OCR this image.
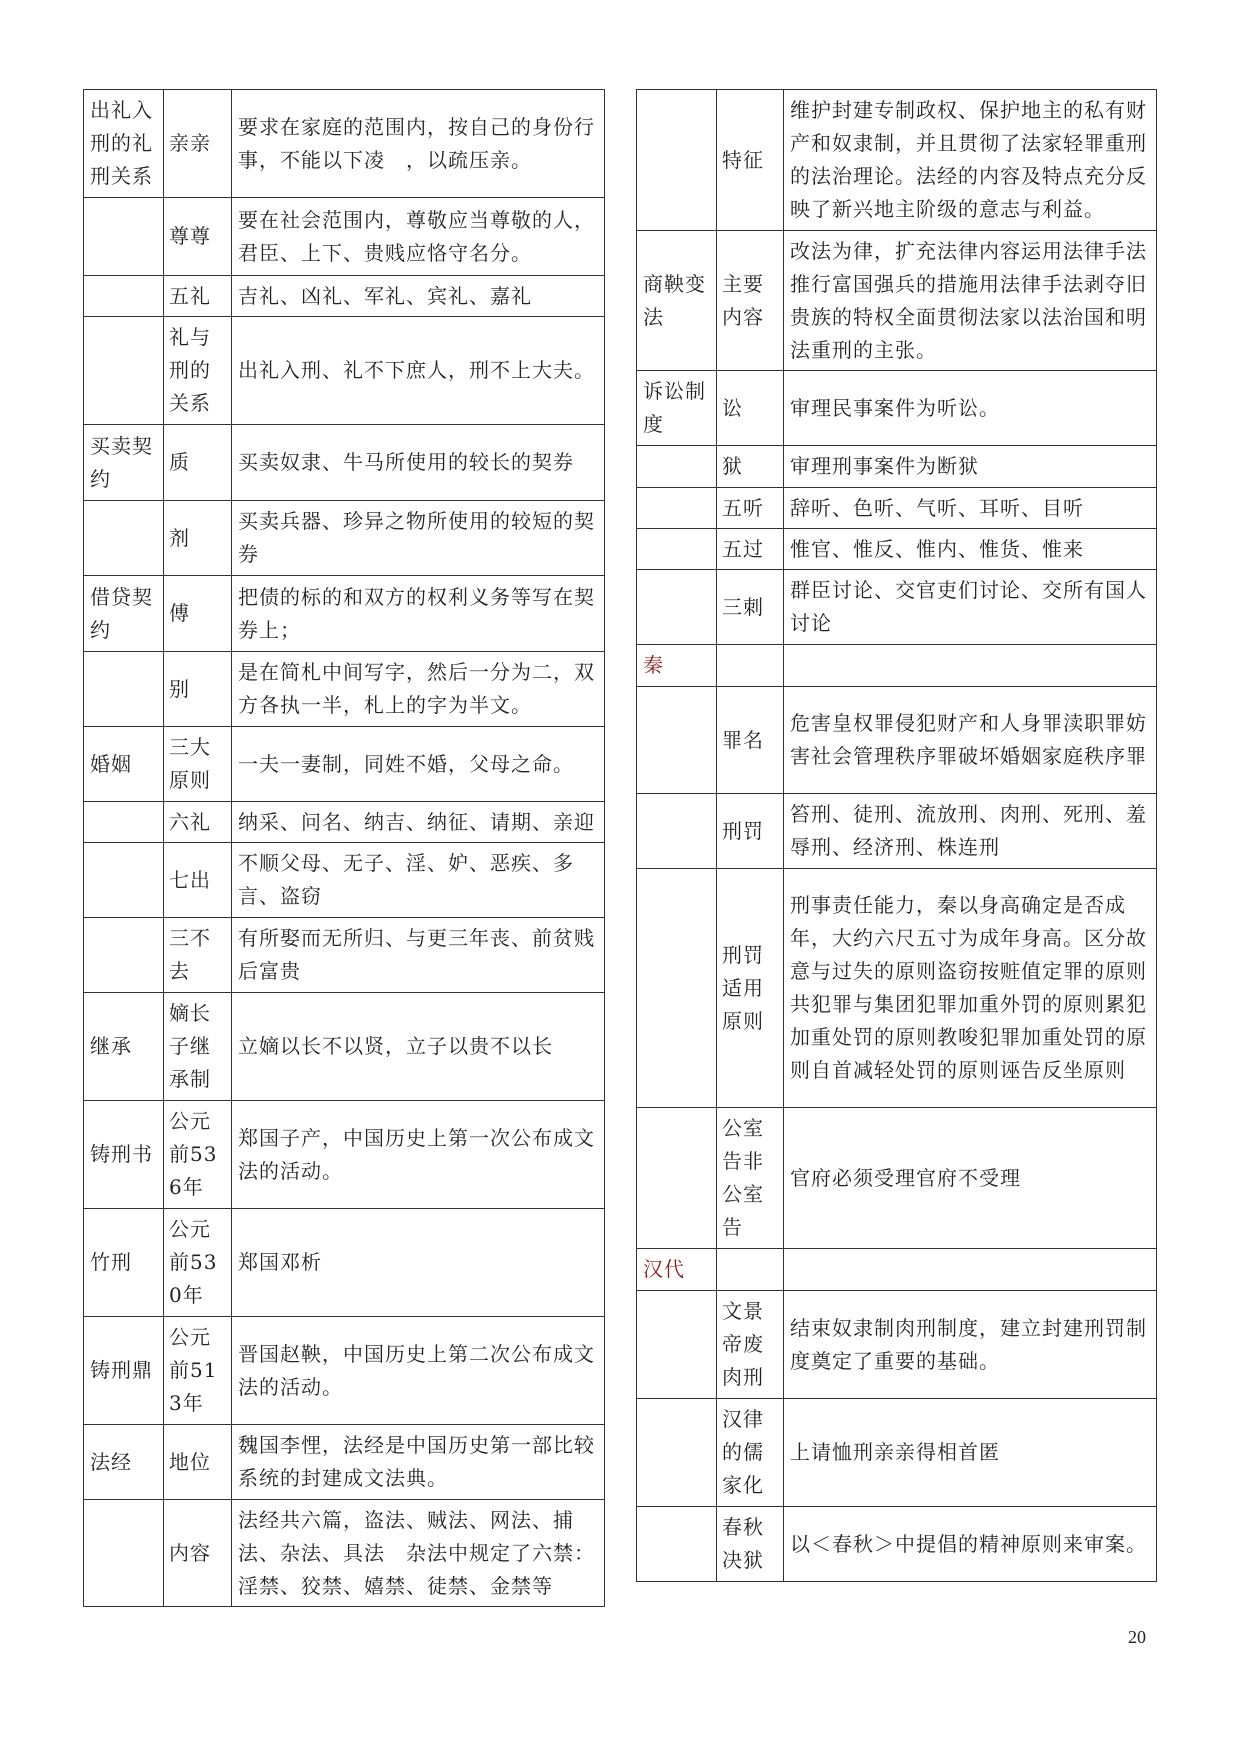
出礼入刑的礼刑关系	亲亲	要求在家庭的范围内，按自己的身份行事，不能以下凌　，以疏压亲。
	尊尊	要在社会范围内，尊敬应当尊敬的人，君臣、上下、贵贱应恪守名分。
	五礼	吉礼、凶礼、军礼、宾礼、嘉礼
	礼与刑的关系	出礼入刑、礼不下庶人，刑不上大夫。
买卖契约	质	买卖奴隶、牛马所使用的较长的契券
	剂	买卖兵器、珍异之物所使用的较短的契券
借贷契约	傅	把债的标的和双方的权利义务等写在契券上；
	别	是在简札中间写字，然后一分为二，双方各执一半，札上的字为半文。
婚姻	三大原则	一夫一妻制，同姓不婚，父母之命。
	六礼	纳采、问名、纳吉、纳征、请期、亲迎
	七出	不顺父母、无子、淫、妒、恶疾、多言、盗窃
	三不去	有所娶而无所归、与更三年丧、前贫贱后富贵
继承	嫡长子继承制	立嫡以长不以贤，立子以贵不以长
铸刑书	公元前536年	郑国子产，中国历史上第一次公布成文法的活动。
竹刑	公元前530年	郑国邓析
铸刑鼎	公元前513年	晋国赵鞅，中国历史上第二次公布成文法的活动。
法经	地位	魏国李悝，法经是中国历史第一部比较系统的封建成文法典。
	内容	法经共六篇，盗法、贼法、网法、捕法、杂法、具法　杂法中规定了六禁：淫禁、狡禁、嬉禁、徒禁、金禁等
	特征	维护封建专制政权、保护地主的私有财产和奴隶制，并且贯彻了法家轻罪重刑的法治理论。法经的内容及特点充分反映了新兴地主阶级的意志与利益。
商鞅变法	主要内容	改法为律，扩充法律内容运用法律手法推行富国强兵的措施用法律手法剥夺旧贵族的特权全面贯彻法家以法治国和明法重刑的主张。
诉讼制度	讼	审理民事案件为听讼。
	狱	审理刑事案件为断狱
	五听	辞听、色听、气听、耳听、目听
	五过	惟官、惟反、惟内、惟货、惟来
	三刺	群臣讨论、交官吏们讨论、交所有国人讨论
秦		
	罪名	危害皇权罪侵犯财产和人身罪渎职罪妨害社会管理秩序罪破坏婚姻家庭秩序罪
	刑罚	笞刑、徒刑、流放刑、肉刑、死刑、羞辱刑、经济刑、株连刑
	刑罚适用原则	刑事责任能力，秦以身高确定是否成年，大约六尺五寸为成年身高。区分故意与过失的原则盗窃按赃值定罪的原则共犯罪与集团犯罪加重外罚的原则累犯加重处罚的原则教唆犯罪加重处罚的原则自首减轻处罚的原则诬告反坐原则
	公室告非公室告	官府必须受理官府不受理
汉代		
	文景帝废肉刑	结束奴隶制肉刑制度，建立封建刑罚制度奠定了重要的基础。
	汉律的儒家化	上请恤刑亲亲得相首匿
	春秋决狱	以＜春秋＞中提倡的精神原则来审案。
20
